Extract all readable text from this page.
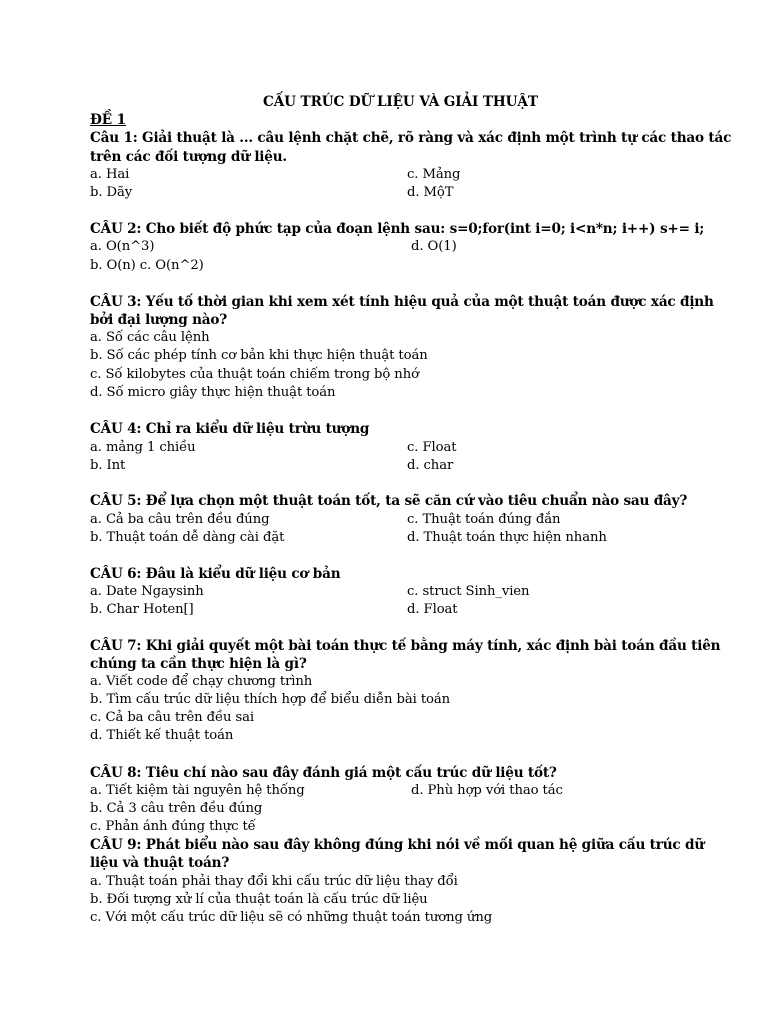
CẤU TRÚC DỮ LIỆU VÀ GIẢI THUẬT
ĐỀ 1
Câu 1: Giải thuật là ... câu lệnh chặt chẽ, rõ ràng và xác định một trình tự các thao tác
trên các đối tượng dữ liệu.
a. Hai	c. Mảng
b. Dãy	d. MộT
CÂU 2: Cho biết độ phức tạp của đoạn lệnh sau: s=0;for(int i=0; i<n*n; i++) s+= i;
a. O(n^3)	d. O(1)
b. O(n) c. O(n^2)
CÂU 3: Yếu tố thời gian khi xem xét tính hiệu quả của một thuật toán được xác định
bởi đại lượng nào?
a. Số các câu lệnh
b. Số các phép tính cơ bản khi thực hiện thuật toán
c. Số kilobytes của thuật toán chiếm trong bộ nhớ
d. Số micro giây thực hiện thuật toán
CÂU 4: Chỉ ra kiểu dữ liệu trừu tượng
a. mảng 1 chiều	c. Float
b. Int	d. char
CÂU 5: Để lựa chọn một thuật toán tốt, ta sẽ căn cứ vào tiêu chuẩn nào sau đây?
a. Cả ba câu trên đều đúng	c. Thuật toán đúng đắn
b. Thuật toán dễ dàng cài đặt	d. Thuật toán thực hiện nhanh
CÂU 6: Đâu là kiểu dữ liệu cơ bản
a. Date Ngaysinh	c. struct Sinh_vien
b. Char Hoten[]	d. Float
CÂU 7: Khi giải quyết một bài toán thực tế bằng máy tính, xác định bài toán đầu tiên
chúng ta cần thực hiện là gì?
a. Viết code để chạy chương trình
b. Tìm cấu trúc dữ liệu thích hợp để biểu diễn bài toán
c. Cả ba câu trên đều sai
d. Thiết kế thuật toán
CÂU 8: Tiêu chí nào sau đây đánh giá một cấu trúc dữ liệu tốt?
a. Tiết kiệm tài nguyên hệ thống	d. Phù hợp với thao tác
b. Cả 3 câu trên đều đúng
c. Phản ánh đúng thực tế
CÂU 9: Phát biểu nào sau đây không đúng khi nói về mối quan hệ giữa cấu trúc dữ
liệu và thuật toán?
a. Thuật toán phải thay đổi khi cấu trúc dữ liệu thay đổi
b. Đối tượng xử lí của thuật toán là cấu trúc dữ liệu
c. Với một cấu trúc dữ liệu sẽ có những thuật toán tương ứng
